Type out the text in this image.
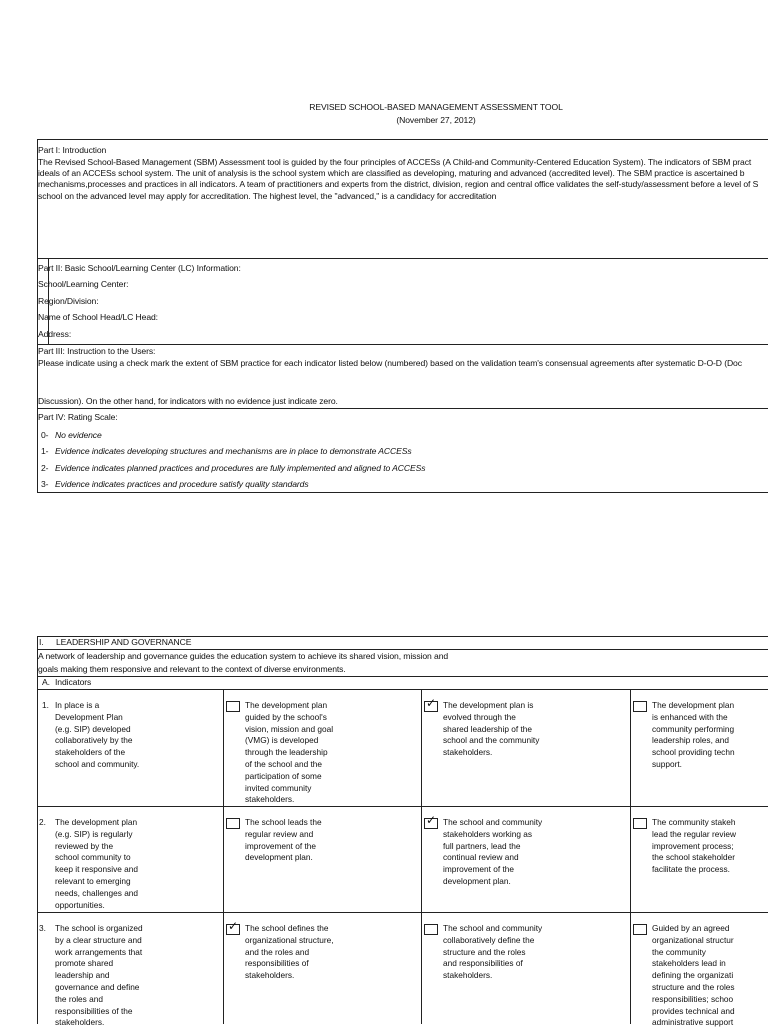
REVISED SCHOOL-BASED MANAGEMENT ASSESSMENT TOOL
(November 27, 2012)
Part I: Introduction
The Revised School-Based Management (SBM) Assessment tool is guided by the four principles of ACCESs (A Child-and Community-Centered Education System). The indicators of SBM pract
ideals of an ACCESs school system. The unit of analysis is the school system which are classified as developing, maturing and advanced (accredited level). The SBM practice is ascertained b
mechanisms,processes and practices in all indicators. A team of practitioners and experts from the district, division, region and central office validates the self-study/assessment before a level of S
school on the advanced level may apply for accreditation. The highest level, the "advanced," is a candidacy for accreditation
Part II: Basic School/Learning Center (LC) Information:
School/Learning Center:
Region/Division:
Name of School Head/LC Head:
Address:
Part III: Instruction to the Users:
Please indicate using a check mark the extent of SBM practice for each indicator listed below (numbered) based on the validation team's consensual agreements after systematic D-O-D (Doc
Discussion). On the other hand, for indicators with no evidence just indicate zero.
Part IV: Rating Scale:
0- No evidence
1- Evidence indicates developing structures and mechanisms are in place to demonstrate ACCESs
2- Evidence indicates planned practices and procedures are fully implemented and aligned to ACCESs
3- Evidence indicates practices and procedure satisfy quality standards
I. LEADERSHIP AND GOVERNANCE
A network of leadership and governance guides the education system to achieve its shared vision, mission and
goals making them responsive and relevant to the context of diverse environments.
A. Indicators
1. In place is a
Development Plan
(e.g. SIP) developed
collaboratively by the
stakeholders of the
school and community.
The development plan
guided by the school's
vision, mission and goal
(VMG) is developed
through the leadership
of the school and the
participation of some
invited community
stakeholders.
✓ The development plan is
evolved through the
shared leadership of the
school and the community
stakeholders.
The development plan
is enhanced with the
community performing
leadership roles, and
school providing techn
support.
2. The development plan
(e.g. SIP) is regularly
reviewed by the
school community to
keep it responsive and
relevant to emerging
needs, challenges and
opportunities.
The school leads the
regular review and
improvement of the
development plan.
✓ The school and community
stakeholders working as
full partners, lead the
continual review and
improvement of the
development plan.
The community stakeh
lead the regular review
improvement process;
the school stakeholder
facilitate the process.
3. The school is organized
by a clear structure and
work arrangements that
promote shared
leadership and
governance and define
the roles and
responsibilities of the
stakeholders.
✓ The school defines the
organizational structure,
and the roles and
responsibilities of
stakeholders.
The school and community
collaboratively define the
structure and the roles
and responsibilities of
stakeholders.
Guided by an agreed
organizational structur
the community
stakeholders lead in
defining the organizati
structure and the roles
responsibilities; schoo
provides technical and
administrative support
